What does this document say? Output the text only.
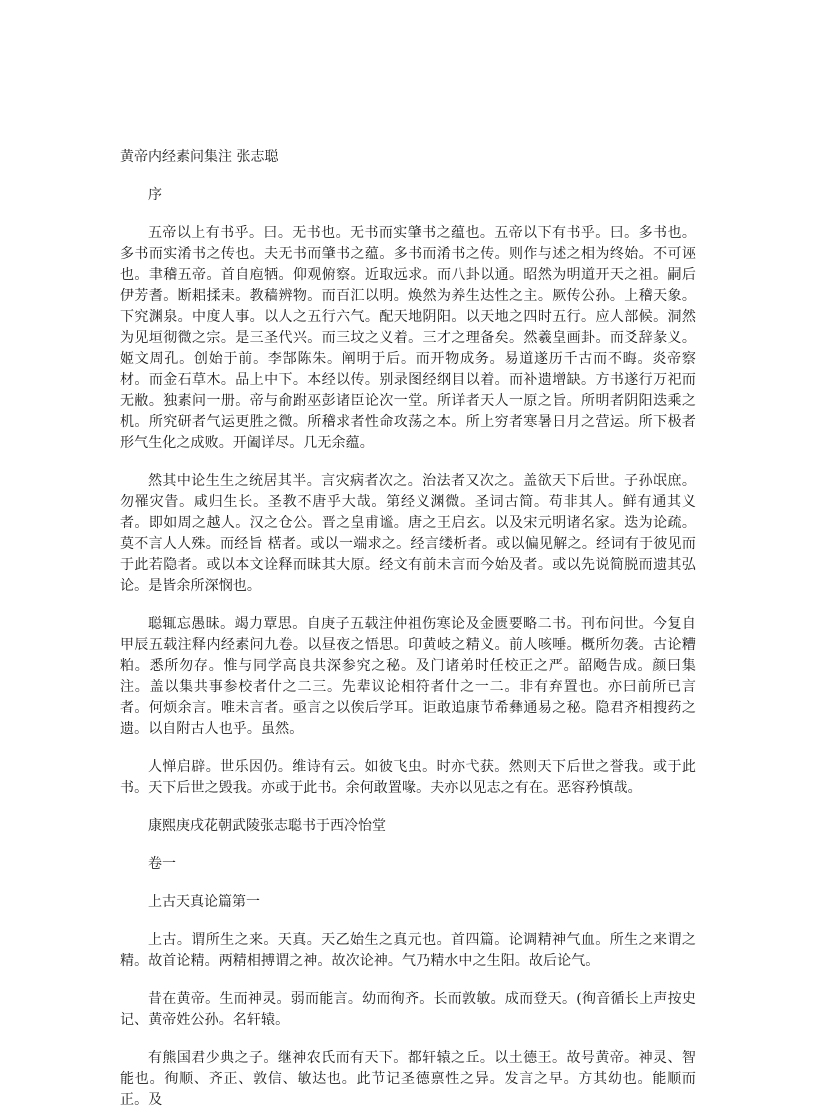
黄帝内经素问集注 张志聪

序

五帝以上有书乎。曰。无书也。无书而实肇书之蕴也。五帝以下有书乎。曰。多书也。多书而实淆书之传也。夫无书而肇书之蕴。多书而淆书之传。则作与述之相为终始。不可诬也。聿稽五帝。首自庖牺。仰观俯察。近取远求。而八卦以通。昭然为明道开天之祖。嗣后伊芳耆。断耜揉耒。教穑辨物。而百汇以明。焕然为养生达性之主。厥传公孙。上稽天象。下究渊泉。中度人事。以人之五行六气。配天地阴阳。以天地之四时五行。应人部候。洞然为见垣彻微之宗。是三圣代兴。而三坟之义着。三才之理备矣。然羲皇画卦。而爻辞彖义。姬文周孔。创始于前。李郜陈朱。阐明于后。而开物成务。易道遂历千古而不晦。炎帝察材。而金石草木。品上中下。本经以传。别录图经纲目以着。而补遗增缺。方书遂行万祀而无敝。独素问一册。帝与俞跗巫彭诸臣论次一堂。所详者天人一原之旨。所明者阴阳迭乘之机。所究研者气运更胜之微。所稽求者性命攻荡之本。所上穷者寒暑日月之营运。所下极者形气生化之成败。开阖详尽。几无余蕴。

然其中论生生之统居其半。言灾病者次之。治法者又次之。盖欲天下后世。子孙氓庶。勿罹灾眚。咸归生长。圣教不唐乎大哉。第经义渊微。圣词古简。苟非其人。鲜有通其义者。即如周之越人。汉之仓公。晋之皇甫谧。唐之王启玄。以及宋元明诸名家。迭为论疏。莫不言人人殊。而经旨 楛者。或以一端求之。经言缕析者。或以偏见解之。经词有于彼见而于此若隐者。或以本文诠释而昧其大原。经文有前未言而今始及者。或以先说简脱而遗其弘论。是皆余所深悯也。

聪辄忘愚昧。竭力覃思。自庚子五载注仲祖伤寒论及金匮要略二书。刊布问世。今复自甲辰五载注释内经素问九卷。以昼夜之悟思。印黄岐之精义。前人咳唾。概所勿袭。古论糟粕。悉所勿存。惟与同学高良共深参究之秘。及门诸弟时任校正之严。韶飏告成。颜曰集注。盖以集共事参校者什之二三。先辈议论相符者什之一二。非有弃置也。亦曰前所已言者。何烦余言。唯未言者。亟言之以俟后学耳。讵敢追康节希彝通易之秘。隐君齐相搜药之遗。以自附古人也乎。虽然。

人惮启辟。世乐因仍。维诗有云。如彼飞虫。时亦弋获。然则天下后世之誉我。或于此书。天下后世之毁我。亦或于此书。余何敢置喙。夫亦以见志之有在。恶容矜慎哉。

康熙庚戌花朝武陵张志聪书于西冷怡堂

卷一

上古天真论篇第一

上古。谓所生之来。天真。天乙始生之真元也。首四篇。论调精神气血。所生之来谓之精。故首论精。两精相搏谓之神。故次论神。气乃精水中之生阳。故后论气。

昔在黄帝。生而神灵。弱而能言。幼而徇齐。长而敦敏。成而登天。(徇音循长上声按史记、黄帝姓公孙。名轩辕。

有熊国君少典之子。继神农氏而有天下。都轩辕之丘。以土德王。故号黄帝。神灵、智能也。徇顺、齐正、敦信、敏达也。此节记圣德禀性之异。发言之早。方其幼也。能顺而正。及
